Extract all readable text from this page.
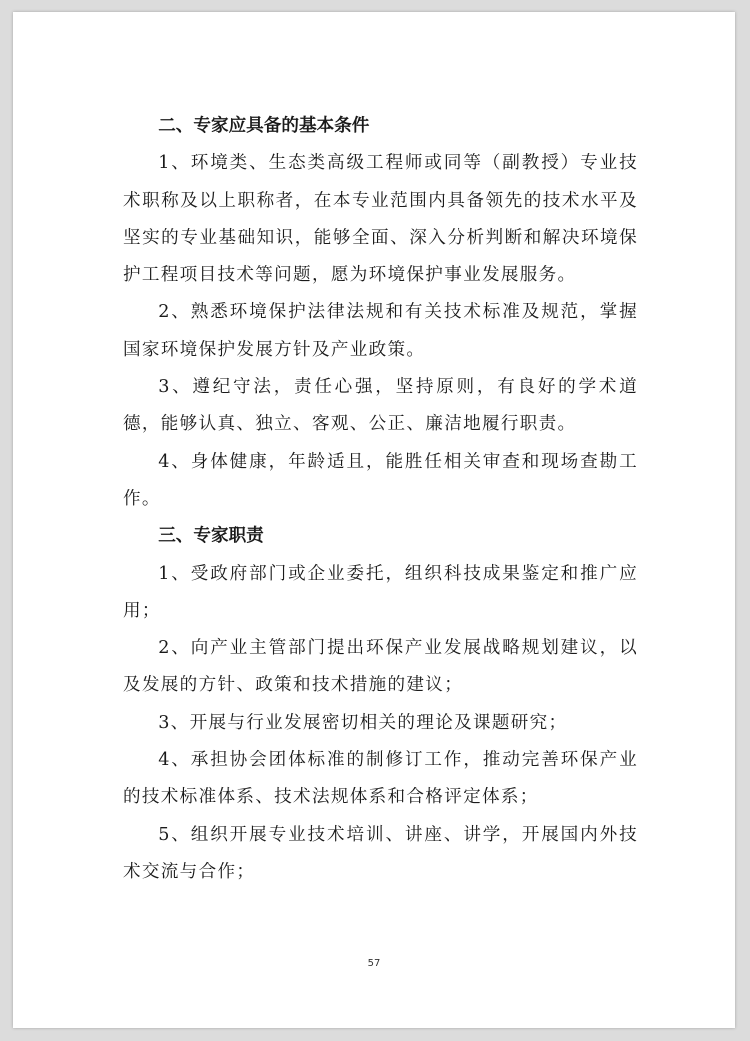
二、专家应具备的基本条件

1、环境类、生态类高级工程师或同等（副教授）专业技术职称及以上职称者，在本专业范围内具备领先的技术水平及坚实的专业基础知识，能够全面、深入分析判断和解决环境保护工程项目技术等问题，愿为环境保护事业发展服务。

2、熟悉环境保护法律法规和有关技术标准及规范，掌握国家环境保护发展方针及产业政策。

3、遵纪守法，责任心强，坚持原则，有良好的学术道德，能够认真、独立、客观、公正、廉洁地履行职责。

4、身体健康，年龄适且，能胜任相关审查和现场查勘工作。

三、专家职责

1、受政府部门或企业委托，组织科技成果鉴定和推广应用；

2、向产业主管部门提出环保产业发展战略规划建议，以及发展的方针、政策和技术措施的建议；

3、开展与行业发展密切相关的理论及课题研究；

4、承担协会团体标准的制修订工作，推动完善环保产业的技术标准体系、技术法规体系和合格评定体系；

5、组织开展专业技术培训、讲座、讲学，开展国内外技术交流与合作；

57
